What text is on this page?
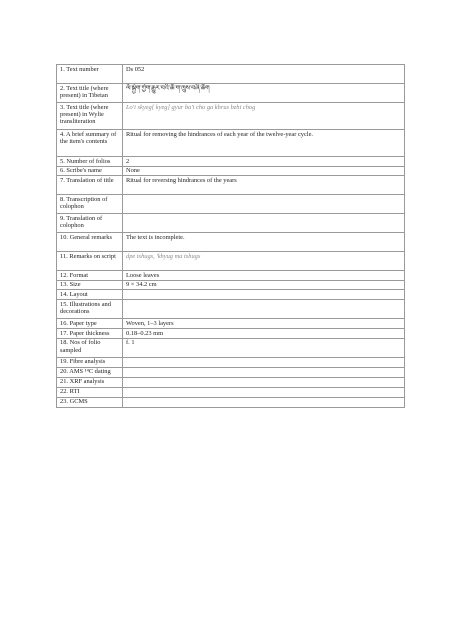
1. Text number	Ds 052
2. Text title (where present) in Tibetan	ལོ་སྐྱེག་ཀྱེག་རྒྱུར་བའི་ཆོ་ག་ཁྲུས་བཞི་ཆོག
3. Text title (where present) in Wylie transliteration	Lo'i skyeg[ kyeg] gyur ba'i cho ga khrus bzhi chog
4. A brief summary of the item's contents	Ritual for removing the hindrances of each year of the twelve-year cycle.
5. Number of folios	2
6. Scribe's name	None
7. Translation of title	Ritual for reversing hindrances of the years
8. Transcription of colophon	
9. Translation of colophon	
10. General remarks	The text is incomplete.
11. Remarks on script	dpe tshugs, 'khyug ma tshugs
12. Format	Loose leaves
13. Size	9 × 34.2 cm
14. Layout	
15. Illustrations and decorations	
16. Paper type	Woven, 1–3 layers
17. Paper thickness	0.18–0.23 mm
18. Nos of folio sampled	f. 1
19. Fibre analysis	
20. AMS ¹⁴C dating	
21. XRF analysis	
22. RTI	
23. GCMS	
